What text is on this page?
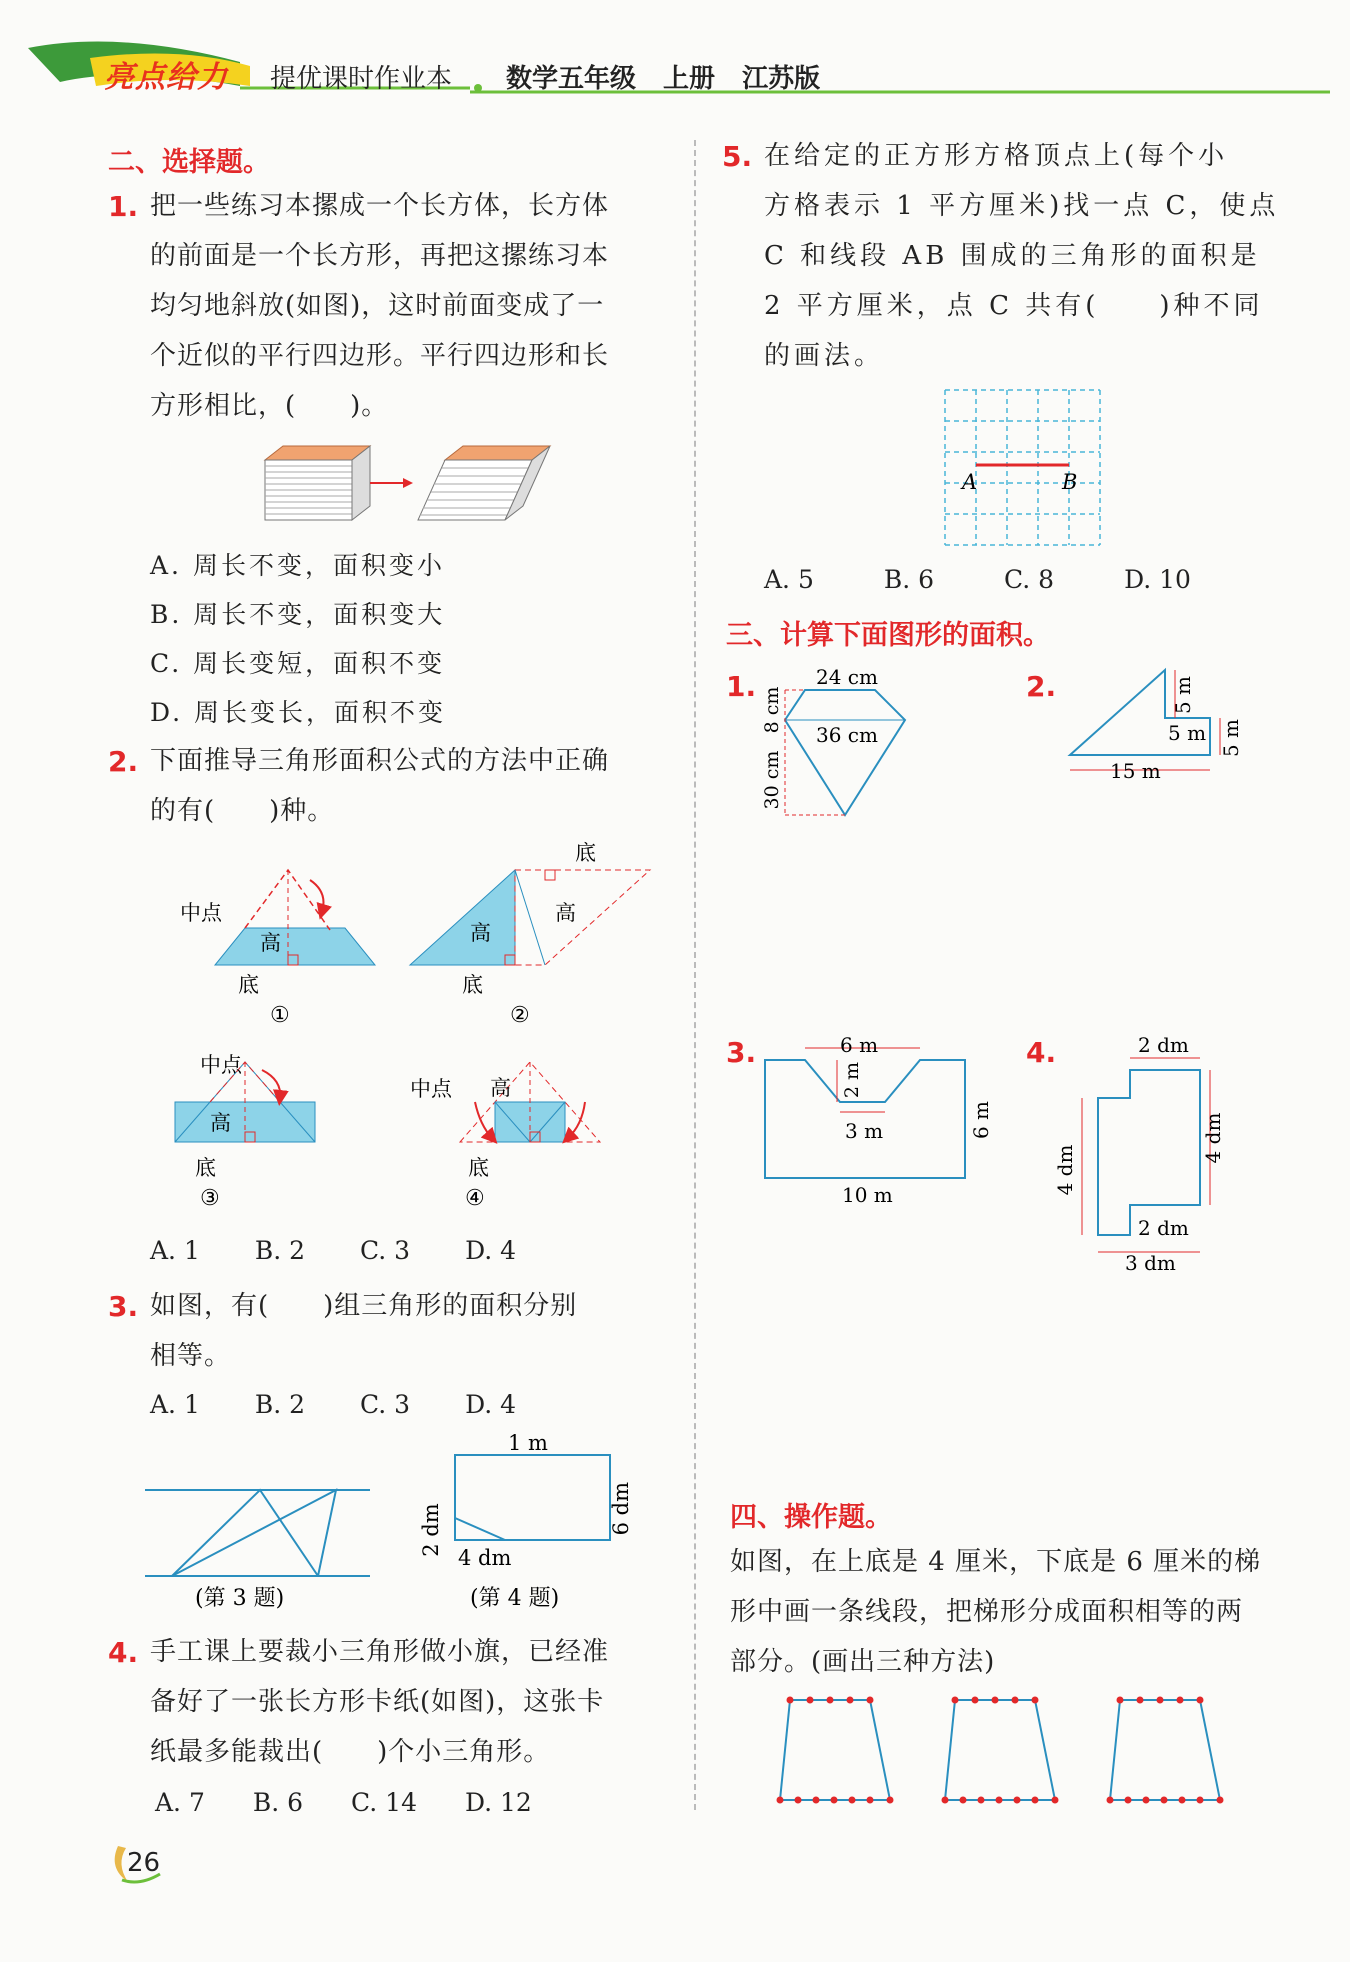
亮点给力 提优课时作业本 数学五年级 上册 江苏版
二、选择题。
1. 把一些练习本摞成一个长方体，长方体
的前面是一个长方形，再把这摞练习本
均匀地斜放(如图)，这时前面变成了一
个近似的平行四边形。平行四边形和长
方形相比，(　　)。
A. 周长不变，面积变小
B. 周长不变，面积变大
C. 周长变短，面积不变
D. 周长变长，面积不变
2. 下面推导三角形面积公式的方法中正确
的有(　　)种。
中点
高
底
①
底
高
高
底
②
中点
高
底
③
中点 高
底
④
A. 1 B. 2 C. 3 D. 4
3. 如图，有(　　)组三角形的面积分别
相等。
A. 1 B. 2 C. 3 D. 4
(第 3 题)
1 m
6 dm
2 dm
4 dm
(第 4 题)
4. 手工课上要裁小三角形做小旗，已经准
备好了一张长方形卡纸(如图)，这张卡
纸最多能裁出(　　)个小三角形。
A. 7 B. 6 C. 14 D. 12
5. 在给定的正方形方格顶点上(每个小
方格表示 1 平方厘米)找一点 C，使点
C 和线段 AB 围成的三角形的面积是
2 平方厘米，点 C 共有(　　)种不同
的画法。
A	B
A. 5	B. 6	C. 8	D. 10
三、计算下面图形的面积。
1.	24 cm
36 cm
8 cm
30 cm
2.	5 m
5 m 5 m
15 m
3.	6 m
2 m
3 m	6 m
10 m
4.	2 dm
4 dm
4 dm
2 dm
3 dm
四、操作题。
如图，在上底是 4 厘米，下底是 6 厘米的梯
形中画一条线段，把梯形分成面积相等的两
部分。(画出三种方法)
26
